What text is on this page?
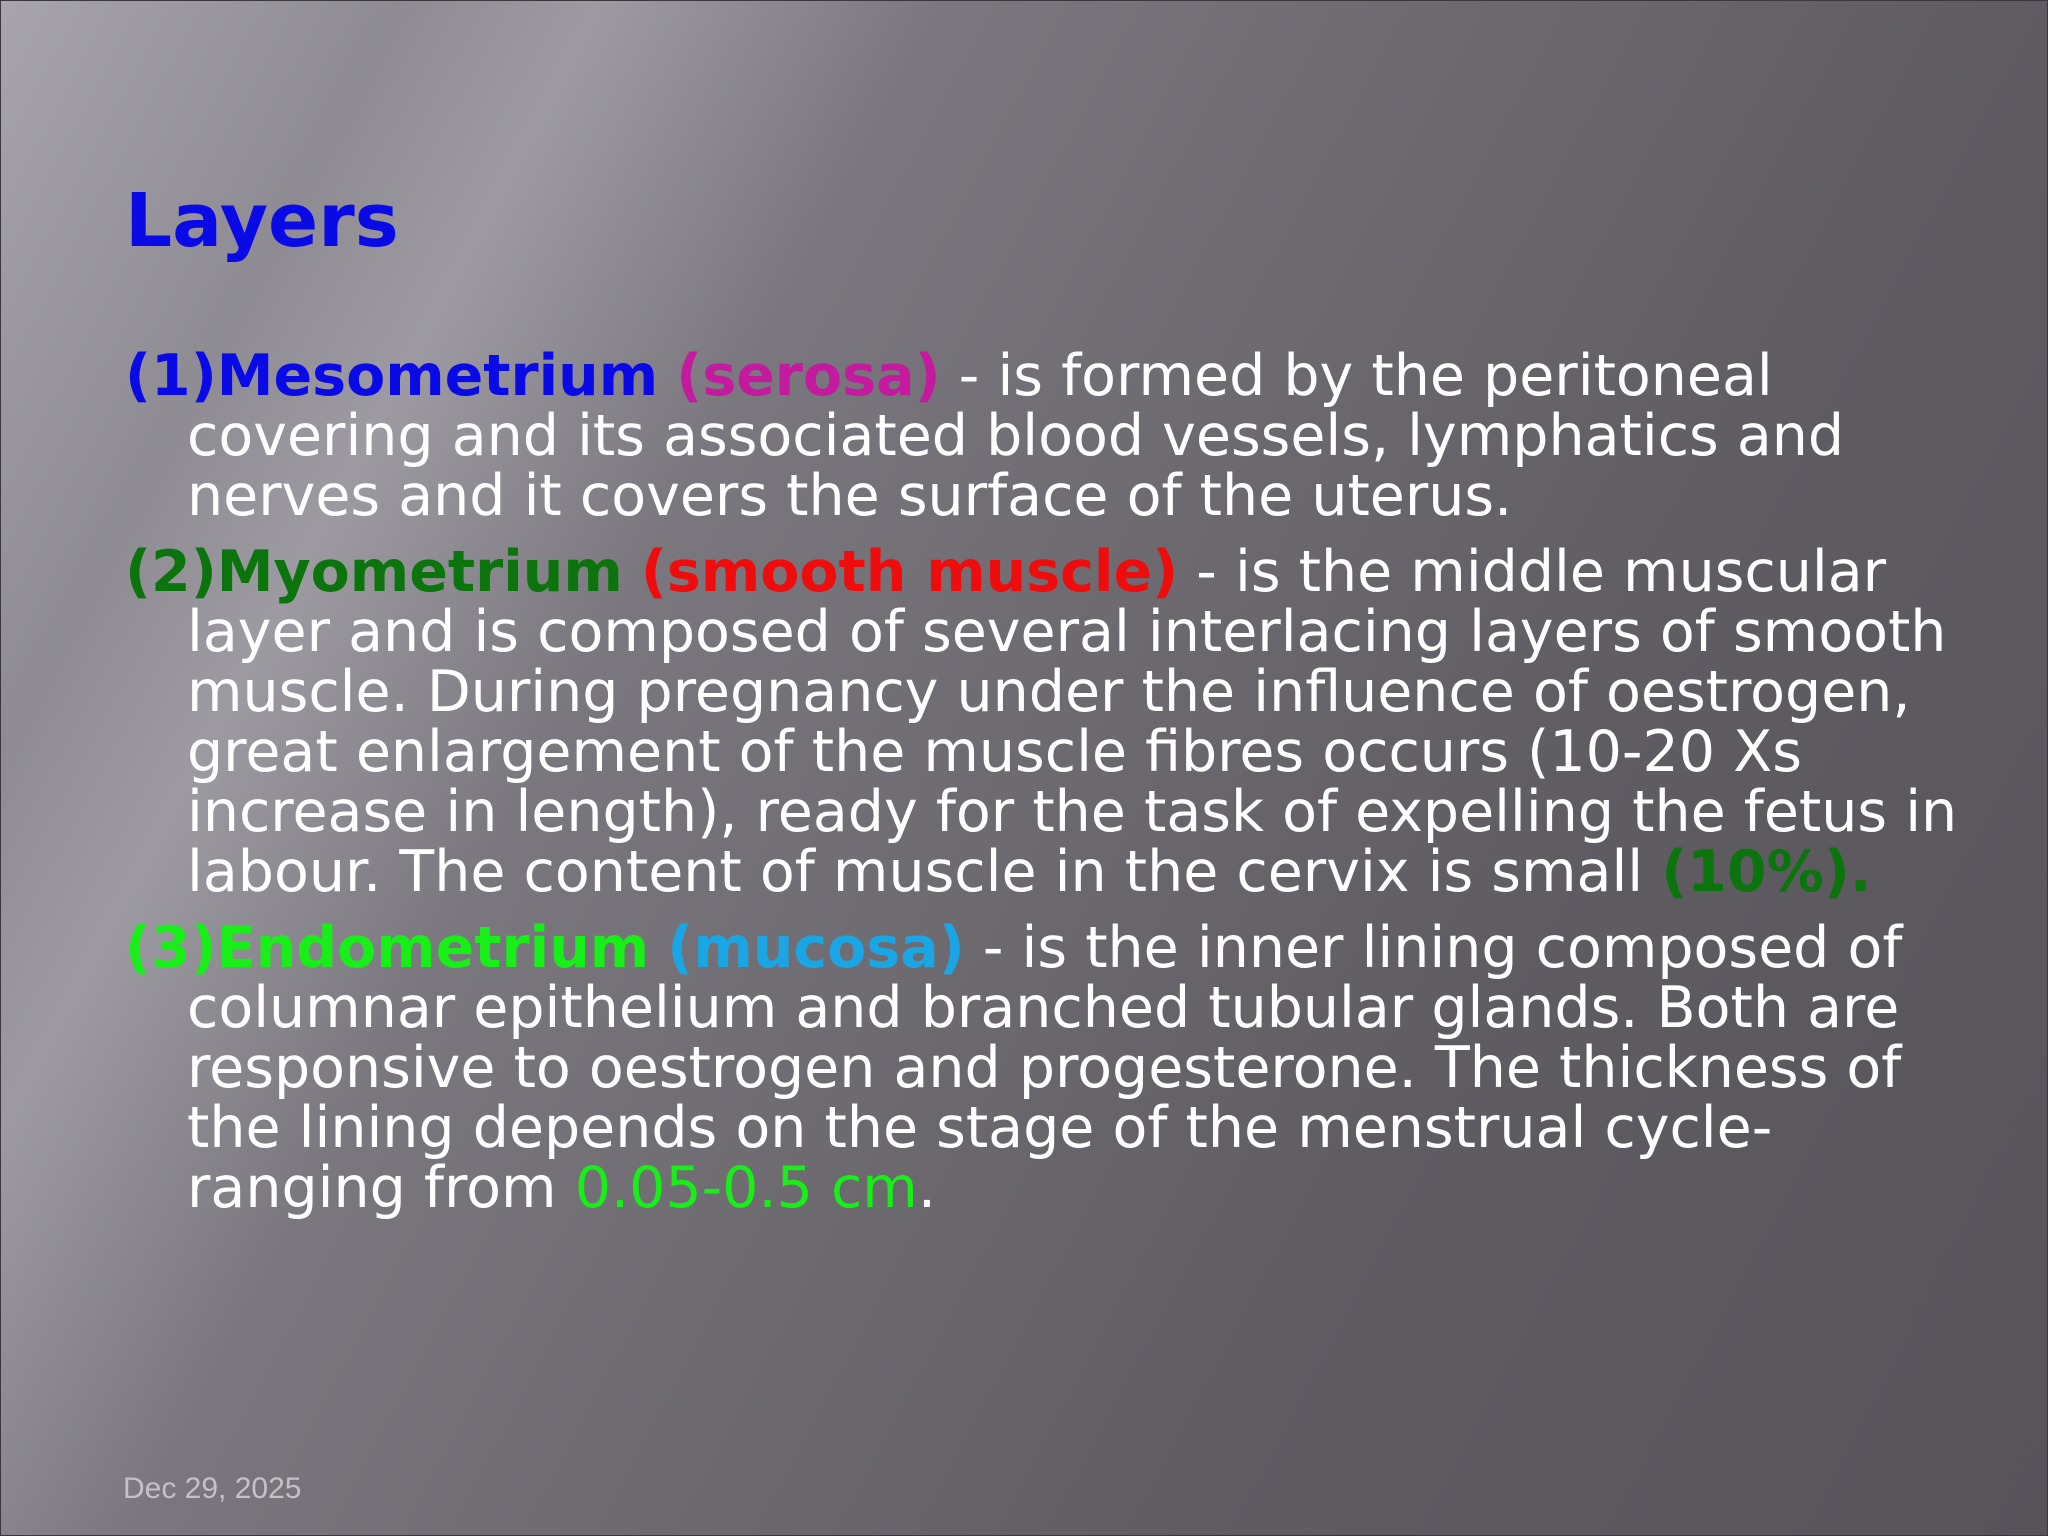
Layers

(1)Mesometrium (serosa) - is formed by the peritoneal covering and its associated blood vessels, lymphatics and nerves and it covers the surface of the uterus.

(2)Myometrium (smooth muscle) - is the middle muscular layer and is composed of several interlacing layers of smooth muscle. During pregnancy under the influence of oestrogen, great enlargement of the muscle fibres occurs (10-20 Xs increase in length), ready for the task of expelling the fetus in labour. The content of muscle in the cervix is small (10%).

(3)Endometrium (mucosa) - is the inner lining composed of columnar epithelium and branched tubular glands. Both are responsive to oestrogen and progesterone. The thickness of the lining depends on the stage of the menstrual cycle- ranging from 0.05-0.5 cm.

Dec 29, 2025
